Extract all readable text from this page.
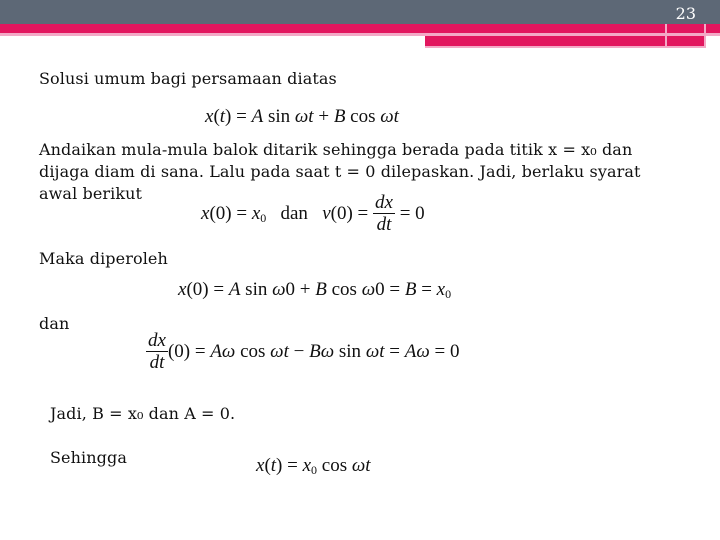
23
Solusi umum bagi persamaan diatas
x(t) = A sin ωt + B cos ωt
Andaikan mula-mula balok ditarik sehingga berada pada titik x = x₀ dan
dijaga diam di sana. Lalu pada saat t = 0 dilepaskan. Jadi, berlaku syarat
awal berikut
$x(0) = x_0$   dan   $v(0) = \frac{dx}{dt} = 0$
Maka diperoleh
x(0) = A sin ω0 + B $\cos \omega 0 = B = x_0$
dan
$\frac{dx}{dt} (0) = A\omega$ cos ωt − Bω sin ωt = Aω = 0
Jadi, B = x₀ dan A = 0.
Sehingga	$x(t) = x_0$ cos ωt
